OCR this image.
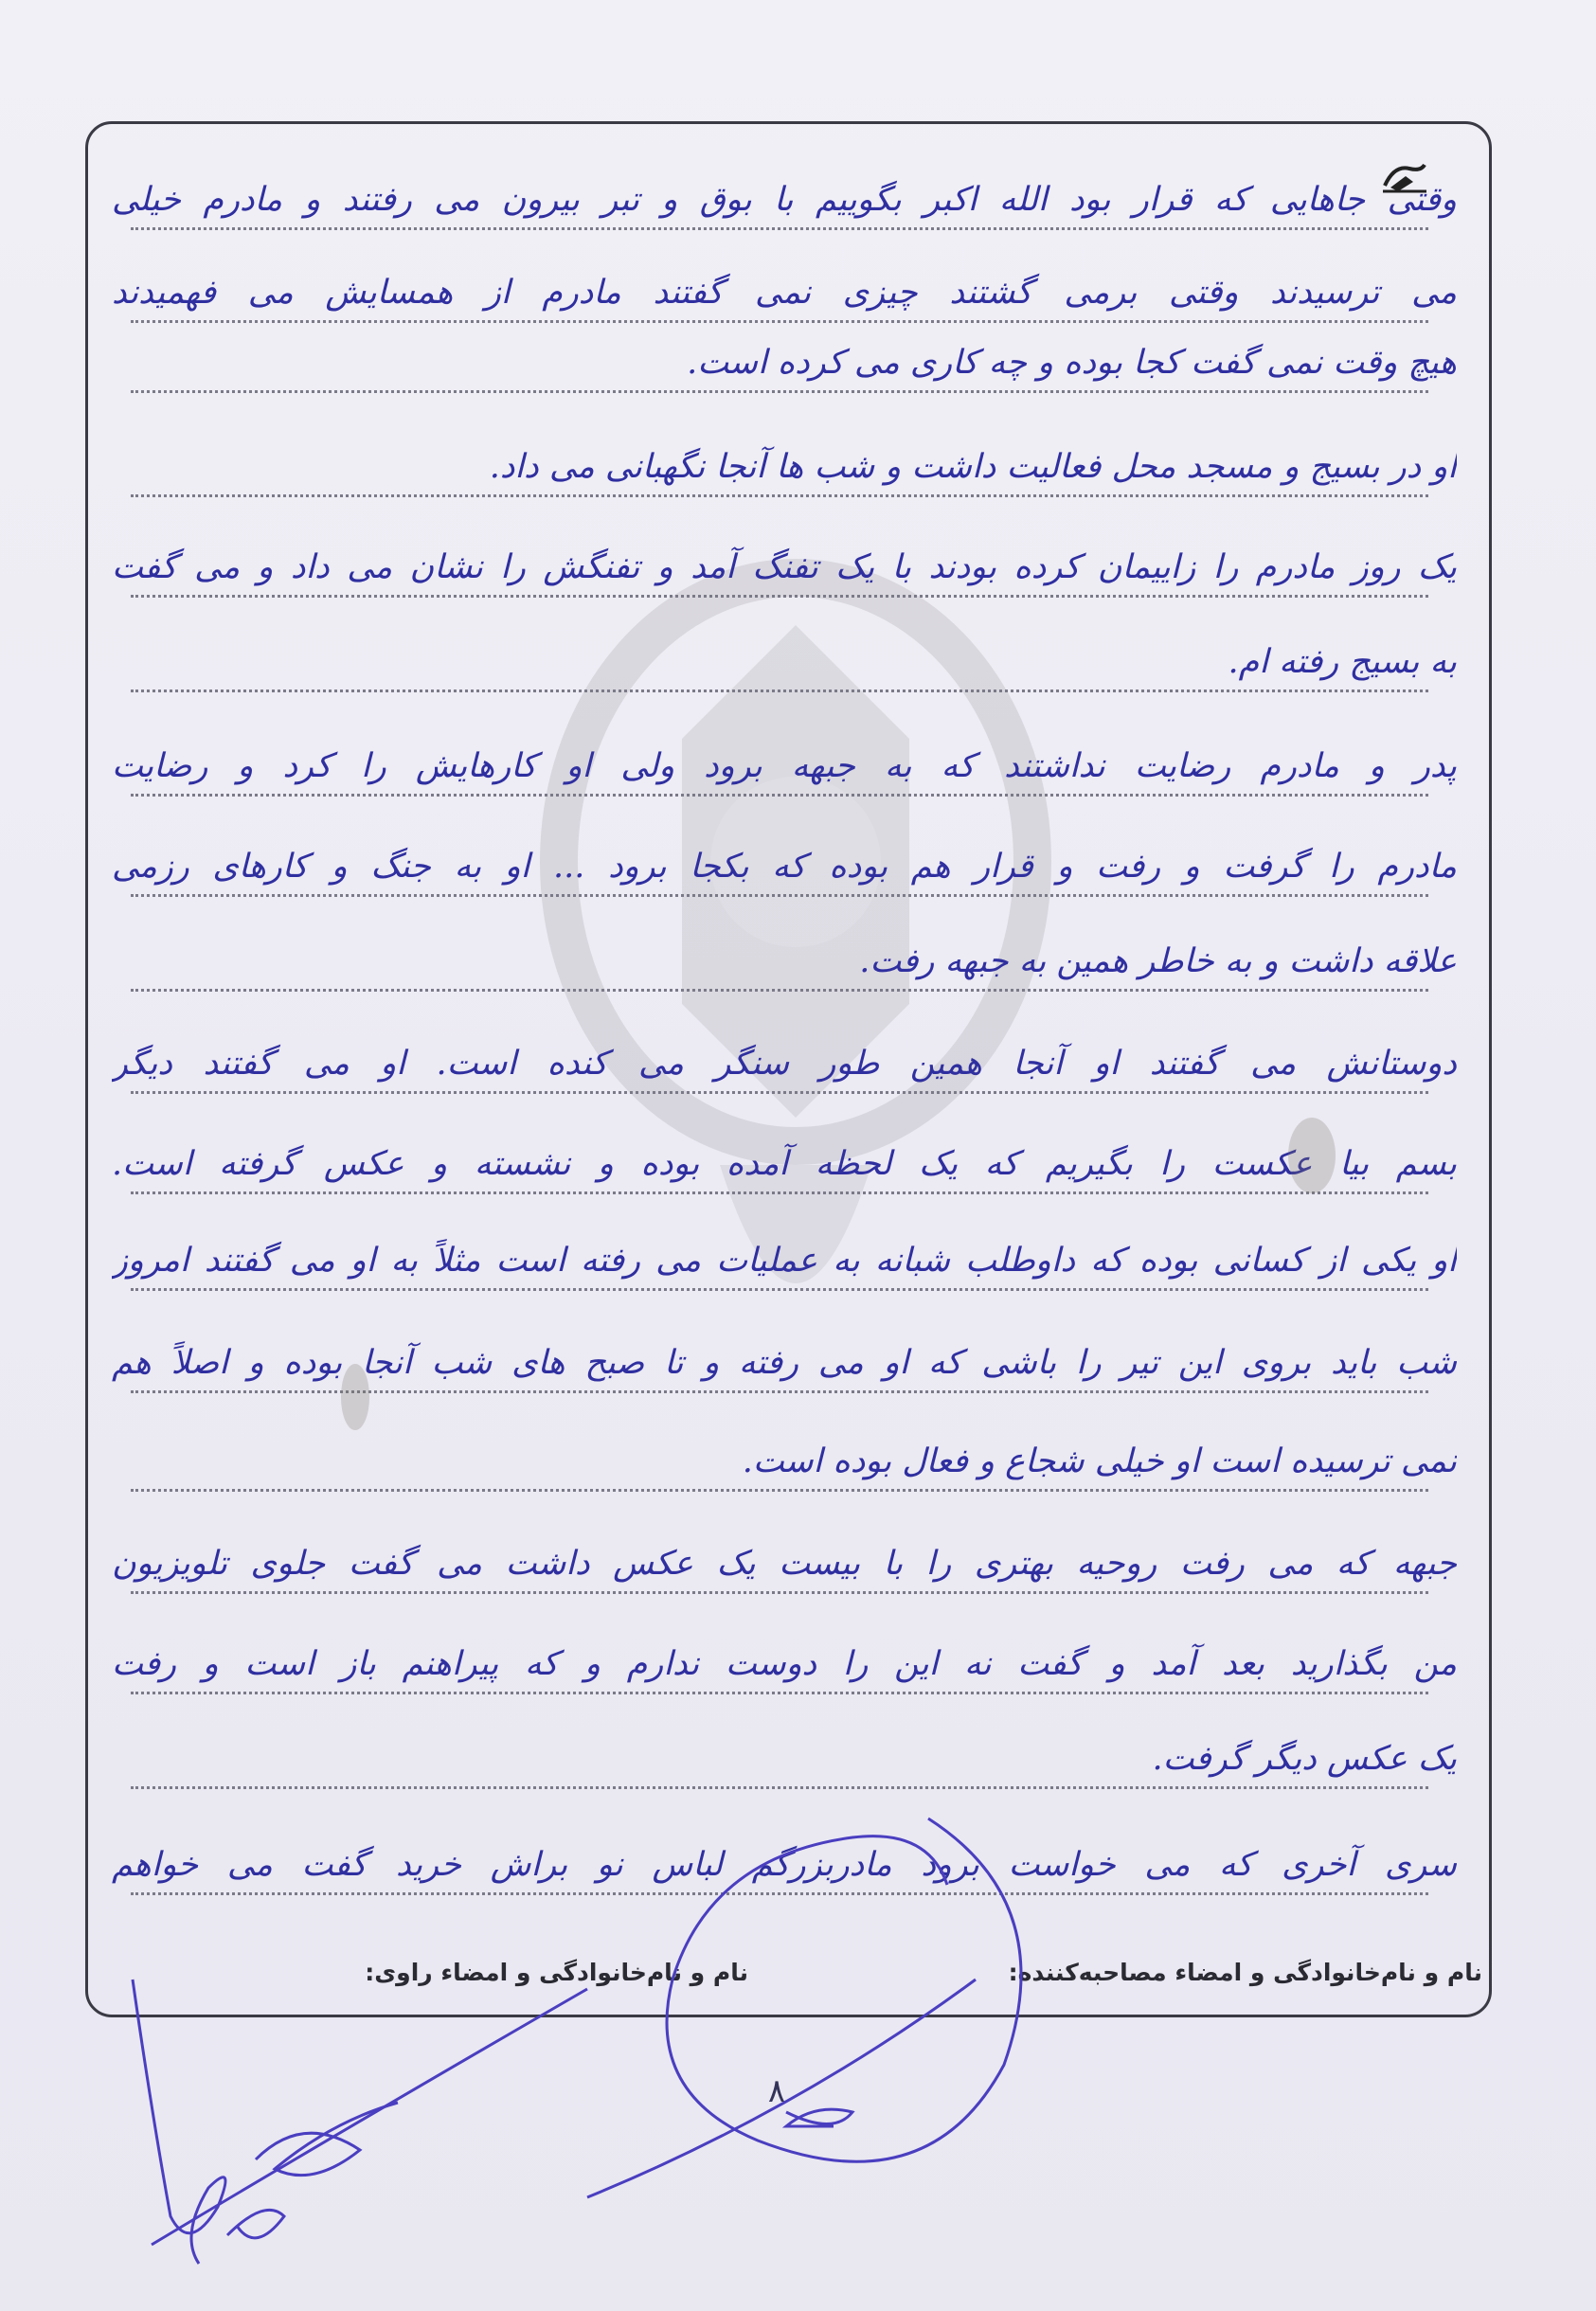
وقتی جاهایی که قرار بود الله اکبر بگوییم با بوق و تبر بیرون می رفتند و مادرم خیلی
می ترسیدند وقتی برمی گشتند چیزی نمی گفتند مادرم از همسایش می فهمیدند
هیچ وقت نمی گفت کجا بوده و چه کاری می کرده است.
او در بسیج و مسجد محل فعالیت داشت و شب ها آنجا نگهبانی می داد.
یک روز مادرم را زاییمان کرده بودند با یک تفنگ آمد و تفنگش را نشان می داد و می گفت
به بسیج رفته ام.
پدر و مادرم رضایت نداشتند که به جبهه برود ولی او کارهایش را کرد و رضایت
مادرم را گرفت و رفت و قرار هم بوده که بکجا برود ... او به جنگ و کارهای رزمی
علاقه داشت و به خاطر همین به جبهه رفت.
دوستانش می گفتند او آنجا همین طور سنگر می کنده است. او می گفتند دیگر
بسم بیا عکست را بگیریم که یک لحظه آمده بوده و نشسته و عکس گرفته است.
او یکی از کسانی بوده که داوطلب شبانه به عملیات می رفته است مثلاً به او می گفتند امروز
شب باید بروی این تیر را باشی که او می رفته و تا صبح های شب آنجا بوده و اصلاً هم
نمی ترسیده است او خیلی شجاع و فعال بوده است.
جبهه که می رفت روحیه بهتری را با بیست یک عکس داشت می گفت جلوی تلویزیون
من بگذارید بعد آمد و گفت نه این را دوست ندارم و که پیراهنم باز است و رفت
یک عکس دیگر گرفت.
سری آخری که می خواست برود مادربزرگم لباس نو براش خرید گفت می خواهم
نام و نام‌خانوادگی و امضاء مصاحبه‌کننده:
نام و نام‌خانوادگی و امضاء راوی:
۸
